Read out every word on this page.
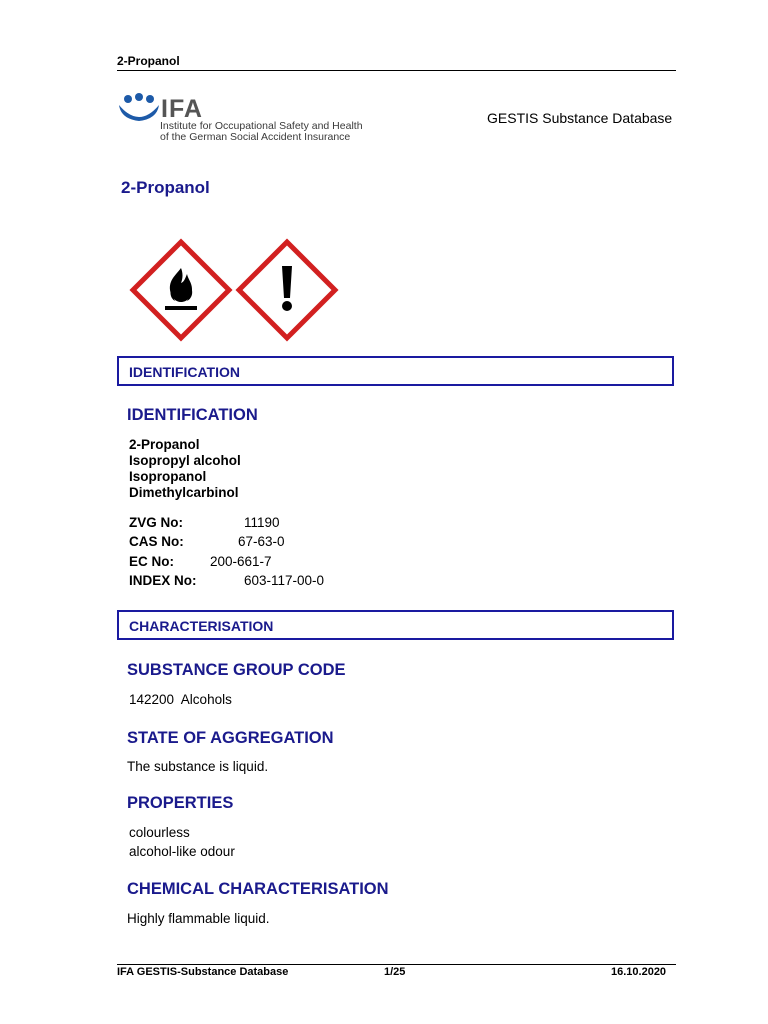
2-Propanol
IFA
Institute for Occupational Safety and Health
of the German Social Accident Insurance
GESTIS Substance Database
2-Propanol
IDENTIFICATION
IDENTIFICATION
2-Propanol
Isopropyl alcohol
Isopropanol
Dimethylcarbinol
ZVG No:	11190
CAS No:	67-63-0
EC No:	200-661-7
INDEX No:	603-117-00-0
CHARACTERISATION
SUBSTANCE GROUP CODE
142200  Alcohols
STATE OF AGGREGATION
The substance is liquid.
PROPERTIES
colourless
alcohol-like odour
CHEMICAL CHARACTERISATION
Highly flammable liquid.
IFA GESTIS-Substance Database	1/25	16.10.2020
